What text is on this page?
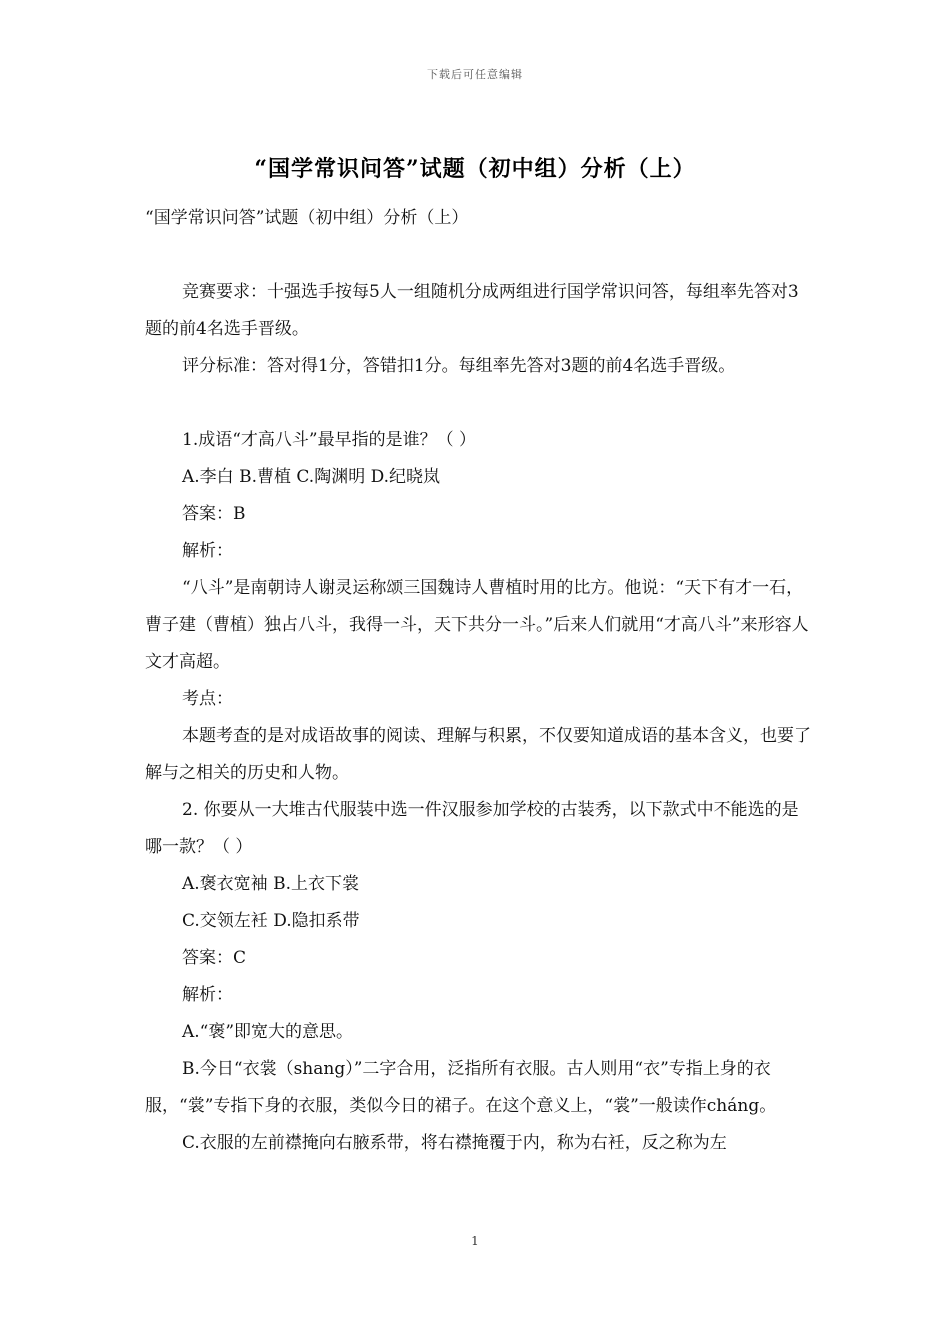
下载后可任意编辑
“国学常识问答”试题（初中组）分析（上）

“国学常识问答”试题（初中组）分析（上）

竞赛要求：十强选手按每5人一组随机分成两组进行国学常识问答，每组率先答对3题的前4名选手晋级。

评分标准：答对得1分，答错扣1分。每组率先答对3题的前4名选手晋级。

1.成语“才高八斗”最早指的是谁？（ ）

A.李白 B.曹植 C.陶渊明 D.纪晓岚

答案：B

解析：

“八斗”是南朝诗人谢灵运称颂三国魏诗人曹植时用的比方。他说：“天下有才一石，曹子建（曹植）独占八斗，我得一斗，天下共分一斗。”后来人们就用“才高八斗”来形容人文才高超。

考点：

本题考查的是对成语故事的阅读、理解与积累，不仅要知道成语的基本含义，也要了解与之相关的历史和人物。

2. 你要从一大堆古代服装中选一件汉服参加学校的古装秀，以下款式中不能选的是哪一款？（ ）

A.褒衣宽袖 B.上衣下裳

C.交领左衽 D.隐扣系带

答案：C

解析：

A.“褒”即宽大的意思。

B.今日“衣裳（shang）”二字合用，泛指所有衣服。古人则用“衣”专指上身的衣服，“裳”专指下身的衣服，类似今日的裙子。在这个意义上，“裳”一般读作cháng。

C.衣服的左前襟掩向右腋系带，将右襟掩覆于内，称为右衽，反之称为左

1
